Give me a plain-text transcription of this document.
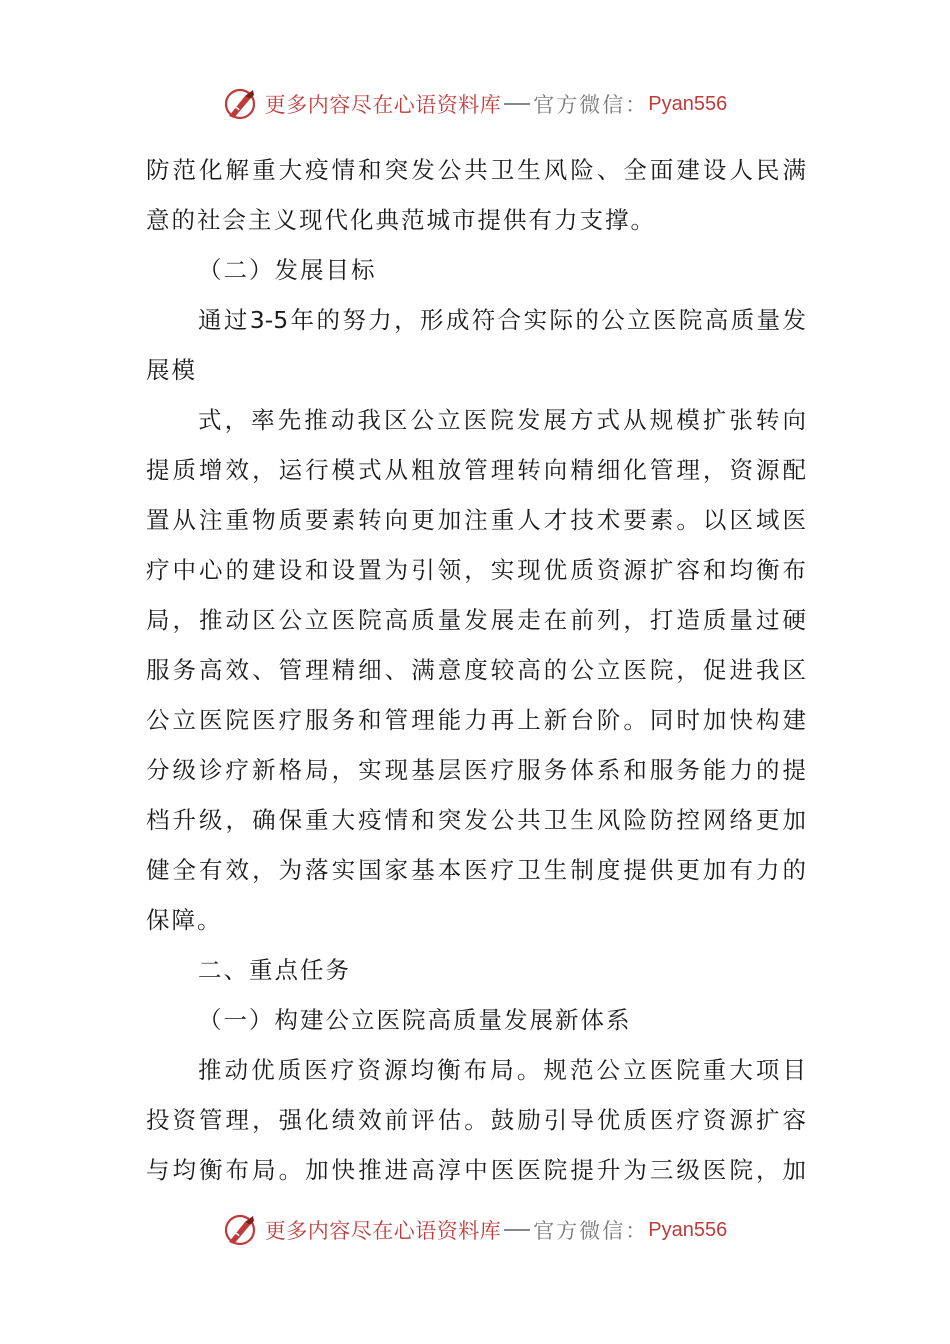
更多内容尽在心语资料库 官方微信： Pyan556
防范化解重大疫情和突发公共卫生风险、全面建设人民满
意的社会主义现代化典范城市提供有力支撑。
（二）发展目标
通过3-5年的努力，形成符合实际的公立医院高质量发
展模
式，率先推动我区公立医院发展方式从规模扩张转向
提质增效，运行模式从粗放管理转向精细化管理，资源配
置从注重物质要素转向更加注重人才技术要素。以区域医
疗中心的建设和设置为引领，实现优质资源扩容和均衡布
局，推动区公立医院高质量发展走在前列，打造质量过硬
服务高效、管理精细、满意度较高的公立医院，促进我区
公立医院医疗服务和管理能力再上新台阶。同时加快构建
分级诊疗新格局，实现基层医疗服务体系和服务能力的提
档升级，确保重大疫情和突发公共卫生风险防控网络更加
健全有效，为落实国家基本医疗卫生制度提供更加有力的
保障。
二、重点任务
（一）构建公立医院高质量发展新体系
推动优质医疗资源均衡布局。规范公立医院重大项目
投资管理，强化绩效前评估。鼓励引导优质医疗资源扩容
与均衡布局。加快推进高淳中医医院提升为三级医院，加
更多内容尽在心语资料库 官方微信： Pyan556
